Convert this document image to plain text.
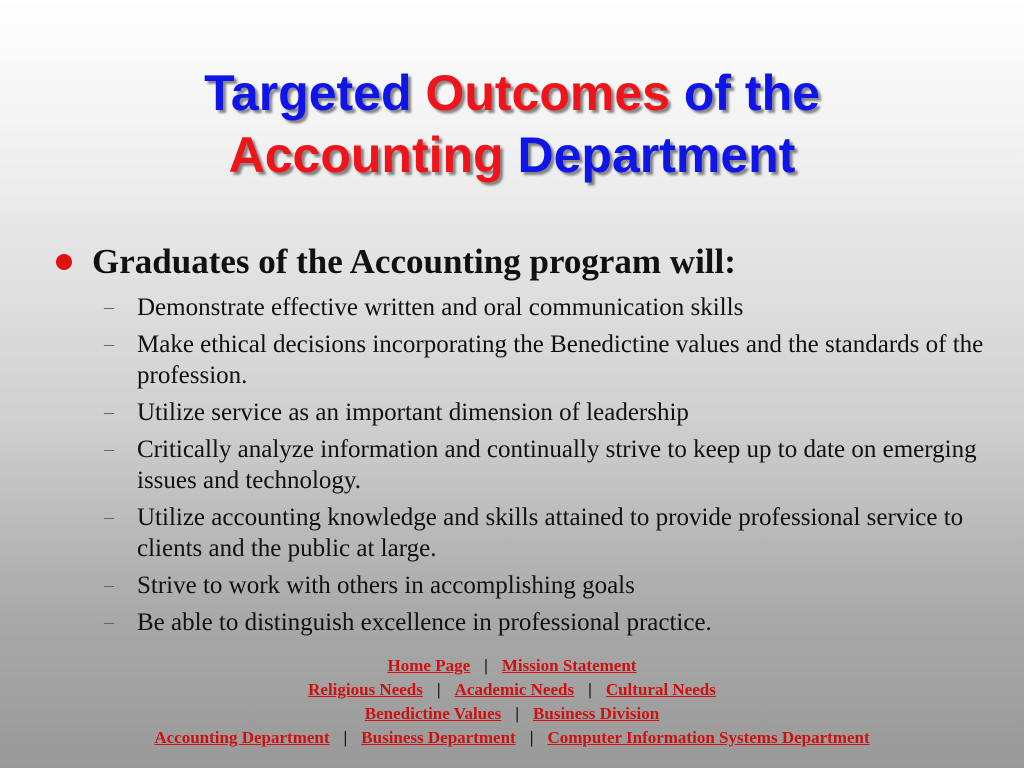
Targeted Outcomes of the
Accounting Department
Graduates of the Accounting program will:
– Demonstrate effective written and oral communication skills
– Make ethical decisions incorporating the Benedictine values and the standards of the profession.
– Utilize service as an important dimension of leadership
– Critically analyze information and continually strive to keep up to date on emerging issues and technology.
– Utilize accounting knowledge and skills attained to provide professional service to clients and the public at large.
– Strive to work with others in accomplishing goals
– Be able to distinguish excellence in professional practice.
Home Page | Mission Statement
Religious Needs | Academic Needs | Cultural Needs
Benedictine Values | Business Division
Accounting Department | Business Department | Computer Information Systems Department
